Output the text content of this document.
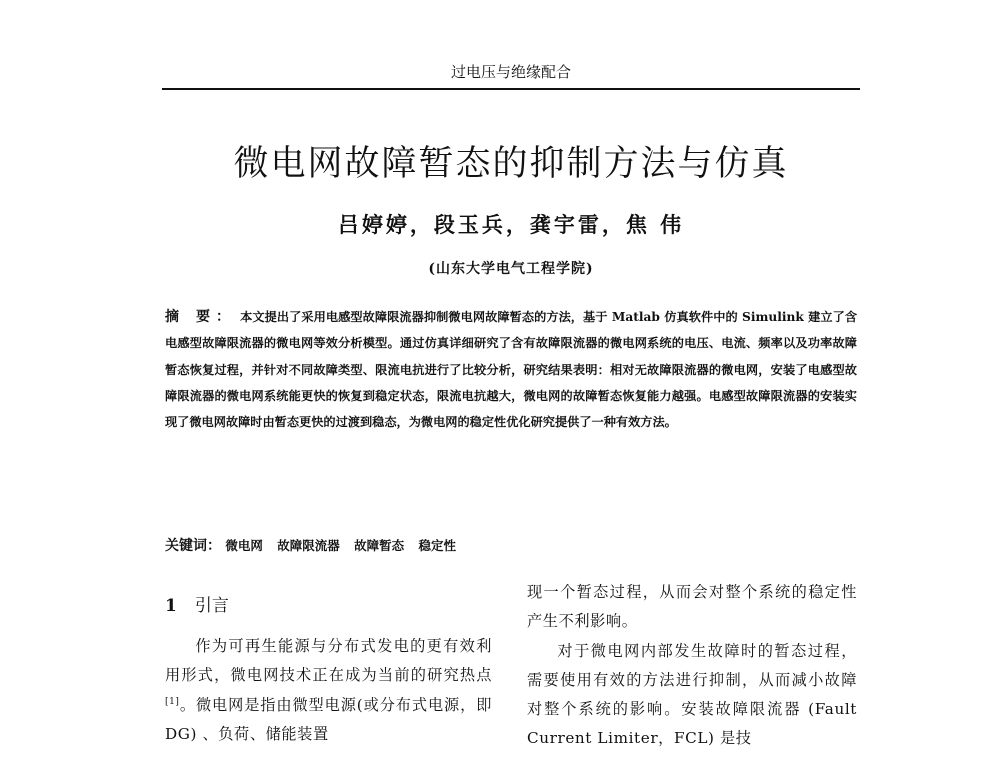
过电压与绝缘配合
微电网故障暂态的抑制方法与仿真
吕婷婷，段玉兵，龚宇雷，焦 伟
(山东大学电气工程学院)
摘 要： 本文提出了采用电感型故障限流器抑制微电网故障暂态的方法，基于 Matlab 仿真软件中的 Simulink 建立了含电感型故障限流器的微电网等效分析模型。通过仿真详细研究了含有故障限流器的微电网系统的电压、电流、频率以及功率故障暂态恢复过程，并针对不同故障类型、限流电抗进行了比较分析，研究结果表明：相对无故障限流器的微电网，安装了电感型故障限流器的微电网系统能更快的恢复到稳定状态，限流电抗越大，微电网的故障暂态恢复能力越强。电感型故障限流器的安装实现了微电网故障时由暂态更快的过渡到稳态，为微电网的稳定性优化研究提供了一种有效方法。
关键词： 微电网 故障限流器 故障暂态 稳定性
1 引言

作为可再生能源与分布式发电的更有效利用形式，微电网技术正在成为当前的研究热点[1]。微电网是指由微型电源(或分布式电源，即 DG) 、负荷、储能装置

现一个暂态过程，从而会对整个系统的稳定性产生不利影响。

对于微电网内部发生故障时的暂态过程，需要使用有效的方法进行抑制，从而减小故障对整个系统的影响。安装故障限流器 (Fault Current Limiter，FCL) 是技
